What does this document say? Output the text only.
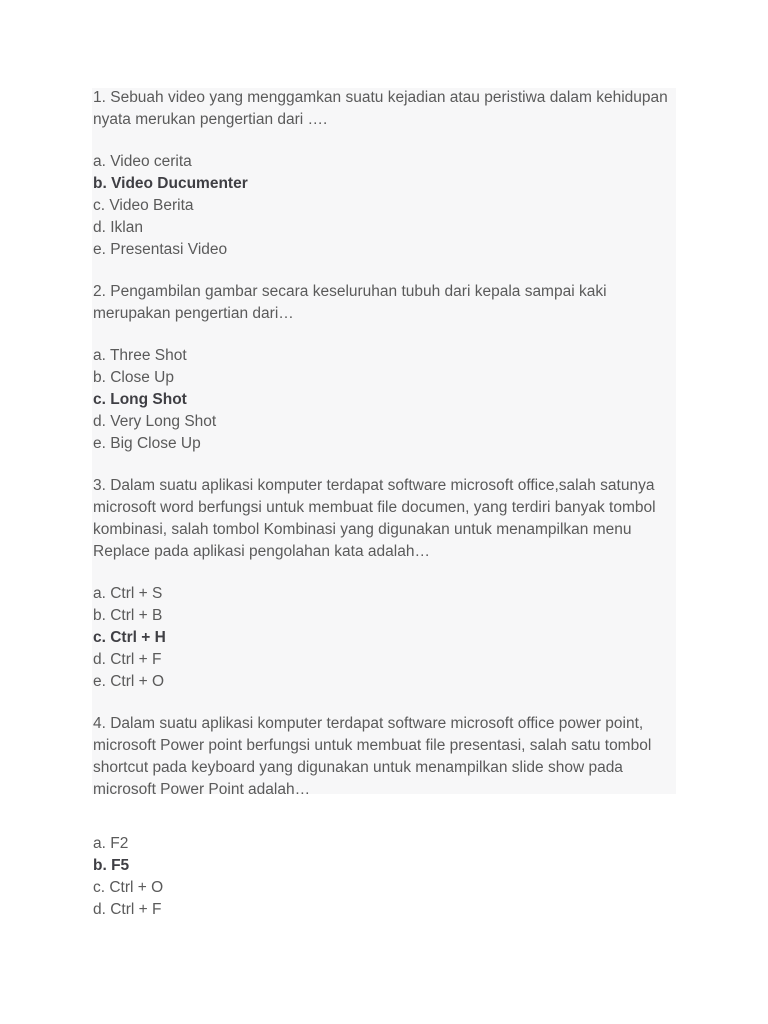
1. Sebuah video yang menggamkan suatu kejadian atau peristiwa dalam kehidupan nyata merukan pengertian dari ….

a. Video cerita
b. Video Ducumenter
c. Video Berita
d. Iklan
e. Presentasi Video

2. Pengambilan gambar secara keseluruhan tubuh dari kepala sampai kaki merupakan pengertian dari…

a. Three Shot
b. Close Up
c. Long Shot
d. Very Long Shot
e. Big Close Up

3. Dalam suatu aplikasi komputer terdapat software microsoft office,salah satunya microsoft word berfungsi untuk membuat file documen, yang terdiri banyak tombol kombinasi, salah tombol Kombinasi yang digunakan untuk menampilkan menu Replace pada aplikasi pengolahan kata adalah…

a. Ctrl + S
b. Ctrl + B
c. Ctrl + H
d. Ctrl + F
e. Ctrl + O

4. Dalam suatu aplikasi komputer terdapat software microsoft office power point, microsoft Power point berfungsi untuk membuat file presentasi, salah satu tombol shortcut pada keyboard yang digunakan untuk menampilkan slide show pada microsoft Power Point adalah…

a. F2
b. F5
c. Ctrl + O
d. Ctrl + F
